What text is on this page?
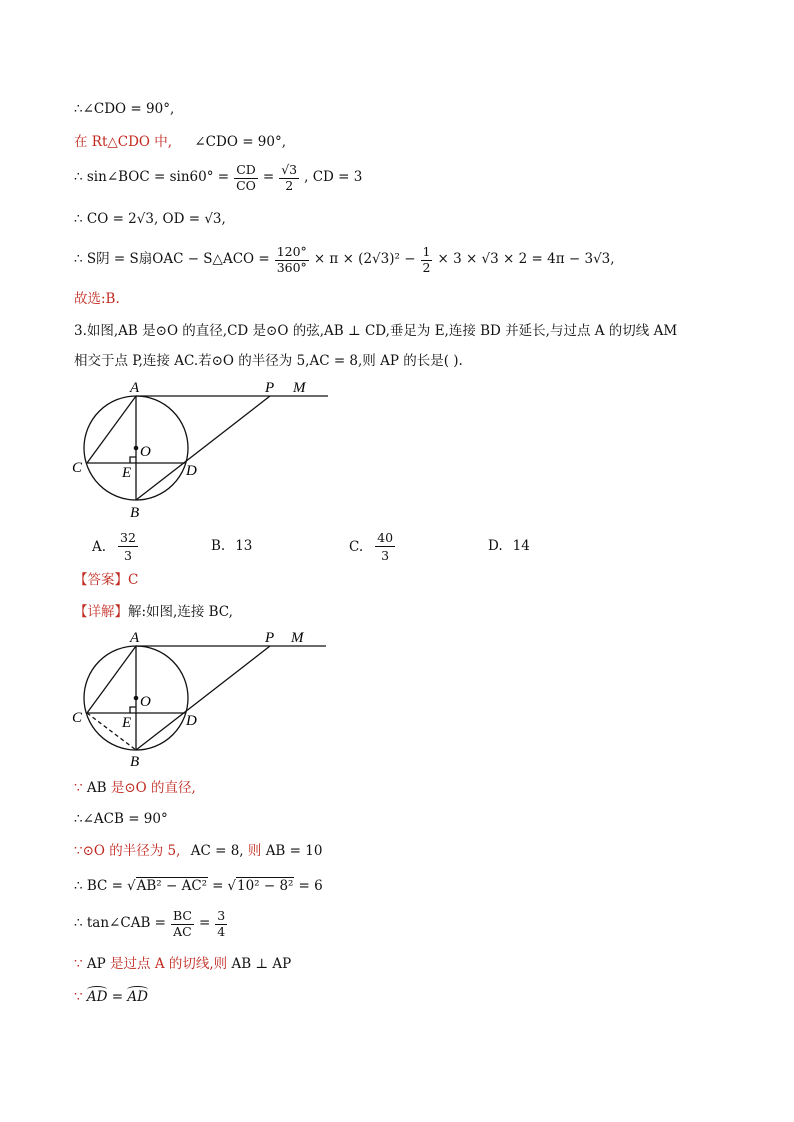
∴∠CDO = 90°,
在 Rt△CDO 中, ∠CDO = 90°,
∴ sin∠BOC = $\sin 60^\circ = \frac{CD}{CO} = \frac{√3}{2}$ , CD = 3
∴ CO = 2√3, OD = √3,
∴ S阴 = S扇OAC − S△ACO = $\frac{120^\circ}{360^\circ} \times \pi \times (2√3)^2 - \frac{1}{2} \times 3 \times √3 \times 2 = 4\pi - 3√3$,
故选:B.
3.如图,AB 是⊙O 的直径,CD 是⊙O 的弦,AB ⊥ CD,垂足为 E,连接 BD 并延长,与过点 A 的切线 AM
相交于点 P,连接 AC.若⊙O 的半径为 5,AC = 8,则 AP 的长是( ).
A	P M
O
C	E	D
B
A. $\frac{32}{3}$	B. 13	C. $\frac{40}{3}$	D. 14
【答案】C
【详解】解:如图,连接 BC,
A	P M
O
C	E	D
B
∵ AB 是⊙O 的直径,
∴∠ACB = 90°
∵⊙O 的半径为 5, AC = 8, 则 AB = 10
∴ BC = √AB² − AC² = √10² − 8² = 6
∴ tan∠CAB = $\frac{BC}{AC} = \frac{3}{4}$
∵ AP 是过点 A 的切线,则 AB ⊥ AP
∵ AD = AD
